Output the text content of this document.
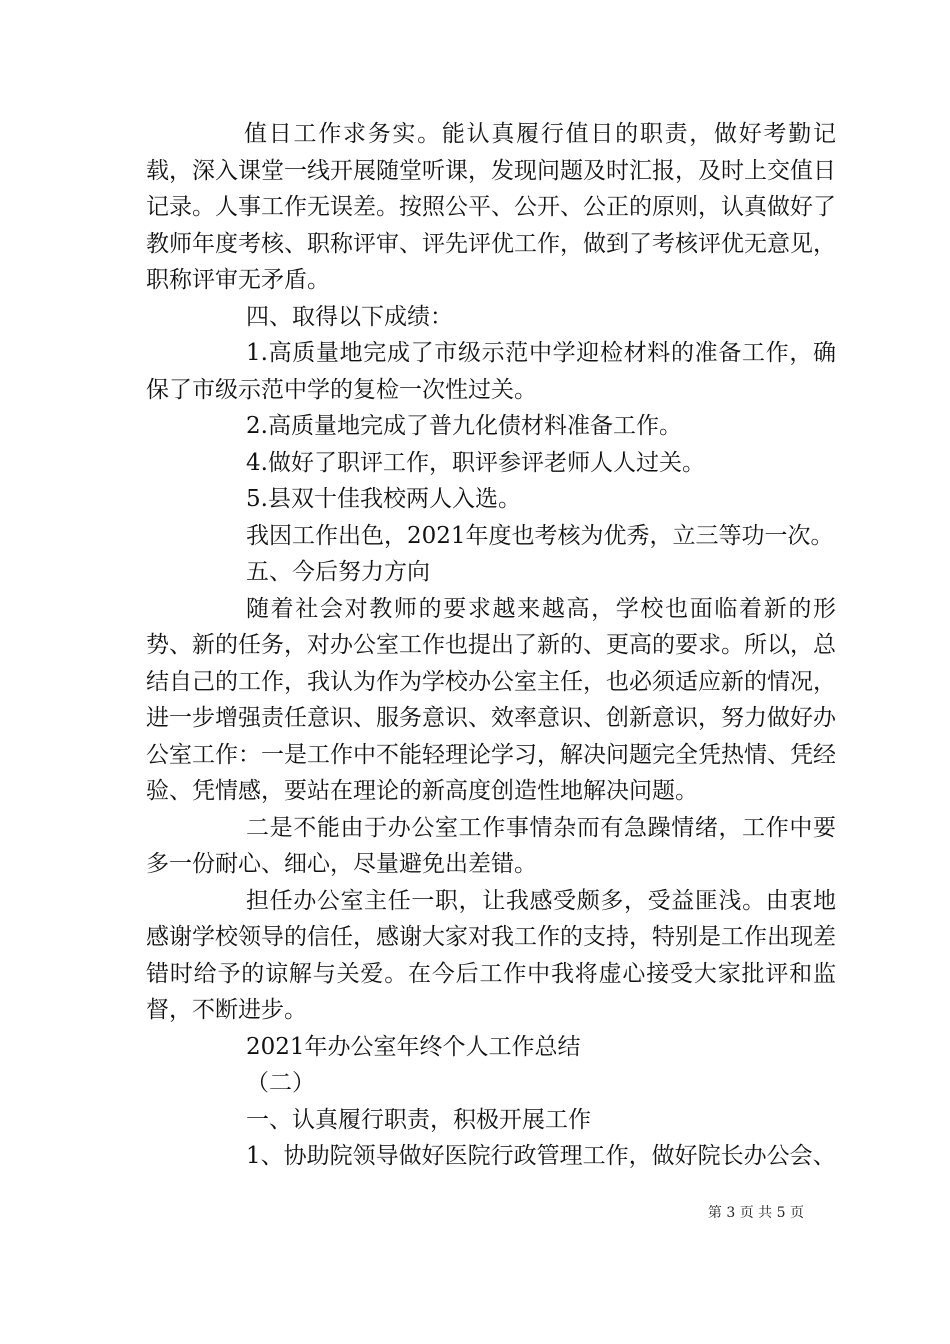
值日工作求务实。能认真履行值日的职责，做好考勤记载，深入课堂一线开展随堂听课，发现问题及时汇报，及时上交值日记录。人事工作无误差。按照公平、公开、公正的原则，认真做好了教师年度考核、职称评审、评先评优工作，做到了考核评优无意见，职称评审无矛盾。

四、取得以下成绩：

1.高质量地完成了市级示范中学迎检材料的准备工作，确保了市级示范中学的复检一次性过关。

2.高质量地完成了普九化债材料准备工作。

4.做好了职评工作，职评参评老师人人过关。

5.县双十佳我校两人入选。

我因工作出色，2021年度也考核为优秀，立三等功一次。

五、今后努力方向

随着社会对教师的要求越来越高，学校也面临着新的形势、新的任务，对办公室工作也提出了新的、更高的要求。所以，总结自己的工作，我认为作为学校办公室主任，也必须适应新的情况，进一步增强责任意识、服务意识、效率意识、创新意识，努力做好办公室工作：一是工作中不能轻理论学习，解决问题完全凭热情、凭经验、凭情感，要站在理论的新高度创造性地解决问题。

二是不能由于办公室工作事情杂而有急躁情绪，工作中要多一份耐心、细心，尽量避免出差错。

担任办公室主任一职，让我感受颇多，受益匪浅。由衷地感谢学校领导的信任，感谢大家对我工作的支持，特别是工作出现差错时给予的谅解与关爱。在今后工作中我将虚心接受大家批评和监督，不断进步。

2021年办公室年终个人工作总结

（二）

一、认真履行职责，积极开展工作

1、协助院领导做好医院行政管理工作，做好院长办公会、

第 3 页 共 5 页
